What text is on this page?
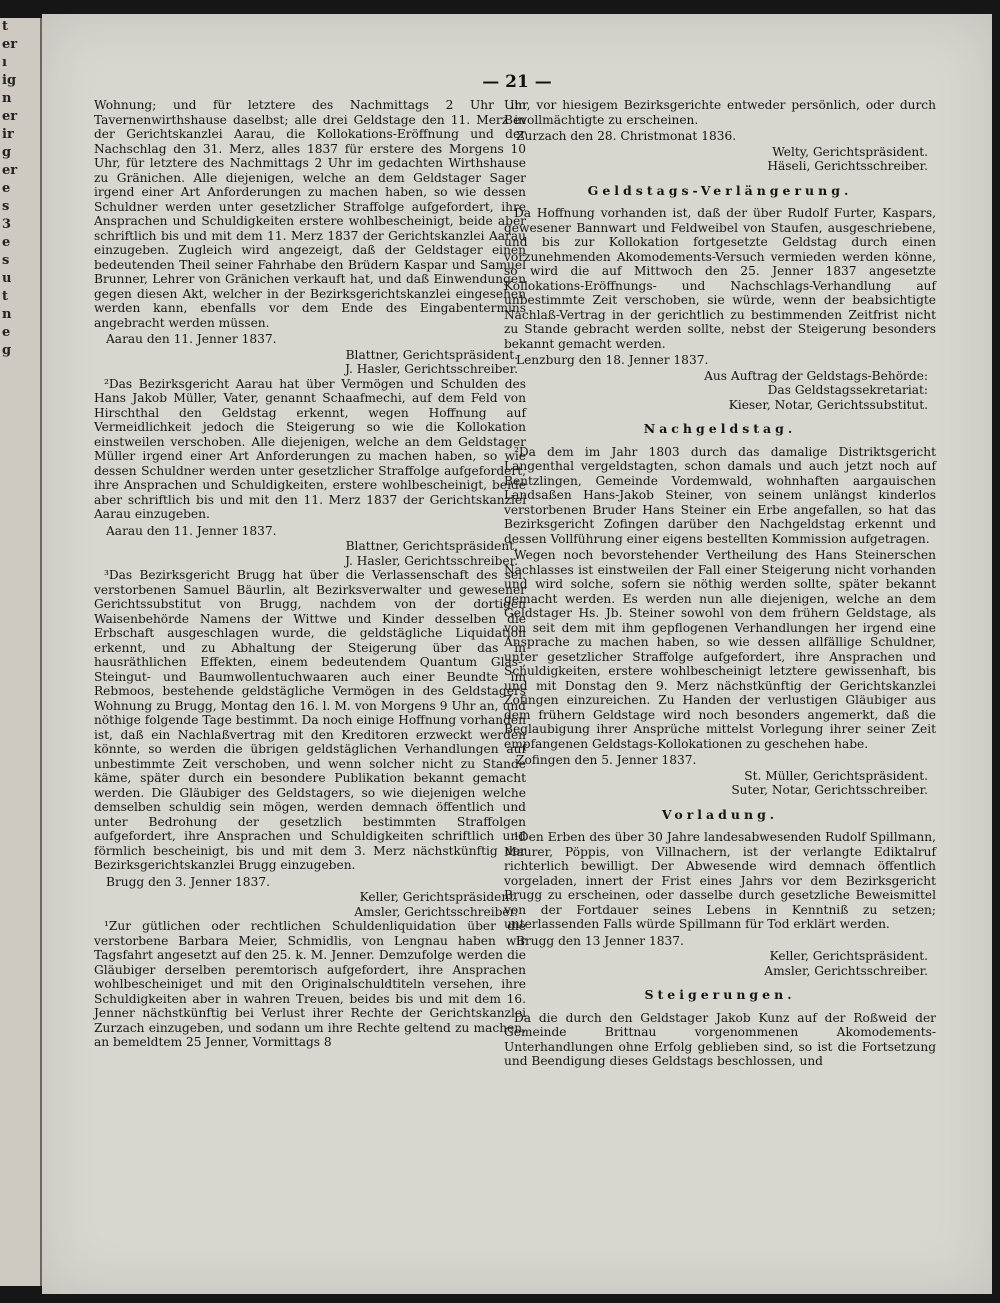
t
er
ı
ig
n
er
ir
g
er
e
s
3
e
s
u
t
n
e
g
— 21 —

Wohnung; und für letztere des Nachmittags 2 Uhr im Tavernenwirthshause daselbst; alle drei Geldstage den 11. Merz in der Gerichtskanzlei Aarau, die Kollokations-Eröffnung und der Nachschlag den 31. Merz, alles 1837 für erstere des Morgens 10 Uhr, für letztere des Nachmittags 2 Uhr im gedachten Wirthshause zu Gränichen. Alle diejenigen, welche an dem Geldstager Sager irgend einer Art Anforderungen zu machen haben, so wie dessen Schuldner werden unter gesetzlicher Straffolge aufgefordert, ihre Ansprachen und Schuldigkeiten erstere wohlbescheinigt, beide aber schriftlich bis und mit dem 11. Merz 1837 der Gerichtskanzlei Aarau einzugeben. Zugleich wird angezeigt, daß der Geldstager einen bedeutenden Theil seiner Fahrhabe den Brüdern Kaspar und Samuel Brunner, Lehrer von Gränichen verkauft hat, und daß Einwendungen gegen diesen Akt, welcher in der Bezirksgerichtskanzlei eingesehen werden kann, ebenfalls vor dem Ende des Eingabentermins angebracht werden müssen.

Aarau den 11. Jenner 1837.
Blattner, Gerichtspräsident.
J. Hasler, Gerichtsschreiber.

²Das Bezirksgericht Aarau hat über Vermögen und Schulden des Hans Jakob Müller, Vater, genannt Schaafmechi, auf dem Feld von Hirschthal den Geldstag erkennt, wegen Hoffnung auf Vermeidlichkeit jedoch die Steigerung so wie die Kollokation einstweilen verschoben. Alle diejenigen, welche an dem Geldstager Müller irgend einer Art Anforderungen zu machen haben, so wie dessen Schuldner werden unter gesetzlicher Straffolge aufgefordert, ihre Ansprachen und Schuldigkeiten, erstere wohlbescheinigt, beide aber schriftlich bis und mit den 11. Merz 1837 der Gerichtskanzlei Aarau einzugeben.

Aarau den 11. Jenner 1837.
Blattner, Gerichtspräsident.
J. Hasler, Gerichtsschreiber.

³Das Bezirksgericht Brugg hat über die Verlassenschaft des sel. verstorbenen Samuel Bäurlin, alt Bezirksverwalter und gewesener Gerichtssubstitut von Brugg, nachdem von der dortigen Waisenbehörde Namens der Wittwe und Kinder desselben die Erbschaft ausgeschlagen wurde, die geldstägliche Liquidation erkennt, und zu Abhaltung der Steigerung über das in hausräthlichen Effekten, einem bedeutendem Quantum Glas-, Steingut- und Baumwollentuchwaaren auch einer Beundte im Rebmoos, bestehende geldstägliche Vermögen in des Geldstagers Wohnung zu Brugg, Montag den 16. l. M. von Morgens 9 Uhr an, und nöthige folgende Tage bestimmt. Da noch einige Hoffnung vorhanden ist, daß ein Nachlaßvertrag mit den Kreditoren erzweckt werden könnte, so werden die übrigen geldstäglichen Verhandlungen auf unbestimmte Zeit verschoben, und wenn solcher nicht zu Stande käme, später durch ein besondere Publikation bekannt gemacht werden. Die Gläubiger des Geldstagers, so wie diejenigen welche demselben schuldig sein mögen, werden demnach öffentlich und unter Bedrohung der gesetzlich bestimmten Straffolgen aufgefordert, ihre Ansprachen und Schuldigkeiten schriftlich und förmlich bescheinigt, bis und mit dem 3. Merz nächstkünftig der Bezirksgerichtskanzlei Brugg einzugeben.

Brugg den 3. Jenner 1837.
Keller, Gerichtspräsident.
Amsler, Gerichtsschreiber.

¹Zur gütlichen oder rechtlichen Schuldenliquidation über die verstorbene Barbara Meier, Schmidlis, von Lengnau haben wir Tagsfahrt angesetzt auf den 25. k. M. Jenner. Demzufolge werden die Gläubiger derselben peremtorisch aufgefordert, ihre Ansprachen wohlbescheiniget und mit den Originalschuldtiteln versehen, ihre Schuldigkeiten aber in wahren Treuen, beides bis und mit dem 16. Jenner nächstkünftig bei Verlust ihrer Rechte der Gerichtskanzlei Zurzach einzugeben, und sodann um ihre Rechte geltend zu machen, an bemeldtem 25 Jenner, Vormittags 8

Uhr, vor hiesigem Bezirksgerichte entweder persönlich, oder durch Bevollmächtigte zu erscheinen.

Zurzach den 28. Christmonat 1836.
Welty, Gerichtspräsident.
Häseli, Gerichtsschreiber.
Geldstags-Verlängerung.

Da Hoffnung vorhanden ist, daß der über Rudolf Furter, Kaspars, gewesener Bannwart und Feldweibel von Staufen, ausgeschriebene, und bis zur Kollokation fortgesetzte Geldstag durch einen vorzunehmenden Akomodements-Versuch vermieden werden könne, so wird die auf Mittwoch den 25. Jenner 1837 angesetzte Kollokations-Eröffnungs- und Nachschlags-Verhandlung auf unbestimmte Zeit verschoben, sie würde, wenn der beabsichtigte Nachlaß-Vertrag in der gerichtlich zu bestimmenden Zeitfrist nicht zu Stande gebracht werden sollte, nebst der Steigerung besonders bekannt gemacht werden.

Lenzburg den 18. Jenner 1837.
Aus Auftrag der Geldstags-Behörde:
Das Geldstagssekretariat:
Kieser, Notar, Gerichtssubstitut.
Nachgeldstag.

²Da dem im Jahr 1803 durch das damalige Distriktsgericht Langenthal vergeldstagten, schon damals und auch jetzt noch auf Bentzlingen, Gemeinde Vordemwald, wohnhaften aargauischen Landsaßen Hans-Jakob Steiner, von seinem unlängst kinderlos verstorbenen Bruder Hans Steiner ein Erbe angefallen, so hat das Bezirksgericht Zofingen darüber den Nachgeldstag erkennt und dessen Vollführung einer eigens bestellten Kommission aufgetragen.

Wegen noch bevorstehender Vertheilung des Hans Steinerschen Nachlasses ist einstweilen der Fall einer Steigerung nicht vorhanden und wird solche, sofern sie nöthig werden sollte, später bekannt gemacht werden. Es werden nun alle diejenigen, welche an dem Geldstager Hs. Jb. Steiner sowohl von dem frühern Geldstage, als von seit dem mit ihm gepflogenen Verhandlungen her irgend eine Ansprache zu machen haben, so wie dessen allfällige Schuldner, unter gesetzlicher Straffolge aufgefordert, ihre Ansprachen und Schuldigkeiten, erstere wohlbescheinigt letztere gewissenhaft, bis und mit Donstag den 9. Merz nächstkünftig der Gerichtskanzlei Zofingen einzureichen. Zu Handen der verlustigen Gläubiger aus dem frühern Geldstage wird noch besonders angemerkt, daß die Beglaubigung ihrer Ansprüche mittelst Vorlegung ihrer seiner Zeit empfangenen Geldstags-Kollokationen zu geschehen habe.

Zofingen den 5. Jenner 1837.
St. Müller, Gerichtspräsident.
Suter, Notar, Gerichtsschreiber.
Vorladung.

¹Den Erben des über 30 Jahre landesabwesenden Rudolf Spillmann, Maurer, Pöppis, von Villnachern, ist der verlangte Ediktalruf richterlich bewilligt. Der Abwesende wird demnach öffentlich vorgeladen, innert der Frist eines Jahrs vor dem Bezirksgericht Brugg zu erscheinen, oder dasselbe durch gesetzliche Beweismittel von der Fortdauer seines Lebens in Kenntniß zu setzen; unterlassenden Falls würde Spillmann für Tod erklärt werden.

Brugg den 13 Jenner 1837.
Keller, Gerichtspräsident.
Amsler, Gerichtsschreiber.
Steigerungen.

Da die durch den Geldstager Jakob Kunz auf der Roßweid der Gemeinde Brittnau vorgenommenen Akomodements-Unterhandlungen ohne Erfolg geblieben sind, so ist die Fortsetzung und Beendigung dieses Geldstags beschlossen, und
